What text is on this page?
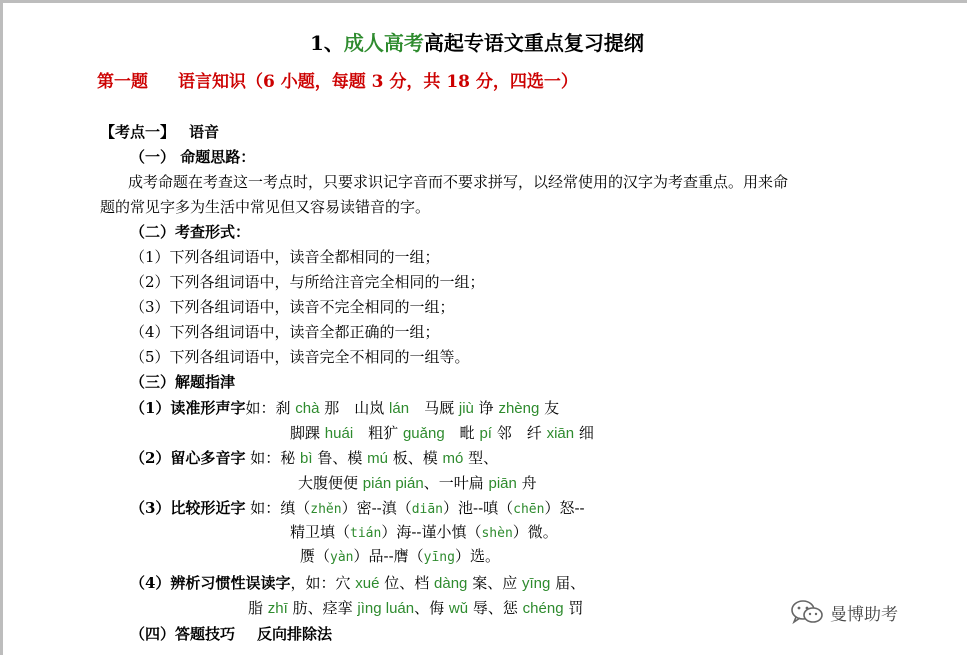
1、成人高考高起专语文重点复习提纲
第一题 语言知识（6 小题，每题 3 分，共 18 分，四选一）
【考点一】 语音
（一） 命题思路：
成考命题在考查这一考点时，只要求识记字音而不要求拼写，以经常使用的汉字为考查重点。用来命
题的常见字多为生活中常见但又容易读错音的字。
（二）考查形式：
（1）下列各组词语中，读音全都相同的一组；
（2）下列各组词语中，与所给注音完全相同的一组；
（3）下列各组词语中，读音不完全相同的一组；
（4）下列各组词语中，读音全都正确的一组；
（5）下列各组词语中，读音完全不相同的一组等。
（三）解题指津
（1）读准形声字如：刹 chà 那　山岚 lán　马厩 jiù 诤 zhèng 友
脚踝 huái　粗犷 guǎng　毗 pí 邻　纤 xiān 细
（2）留心多音字 如：秘 bì 鲁、模 mú 板、模 mó 型、
大腹便便 pián pián、一叶扁 piān 舟
（3）比较形近字 如：缜（zhěn）密--滇（diān）池--嗔（chēn）怒--
精卫填（tián）海--谨小慎（shèn）微。
赝（yàn）品--膺（yīng）选。
（4）辨析习惯性误读字，如：穴 xué 位、档 dàng 案、应 yīng 届、
脂 zhī 肪、痉挛 jìng luán、侮 wǔ 辱、惩 chéng 罚
（四）答题技巧 反向排除法
曼博助考
